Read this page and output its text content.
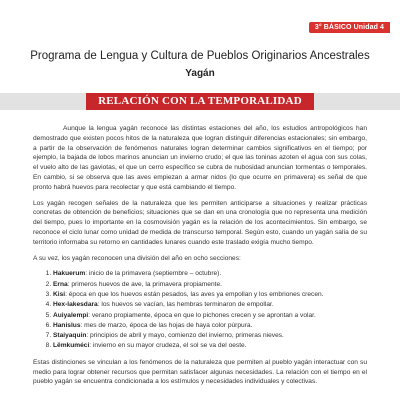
3° BÁSICO Unidad 4
Programa de Lengua y Cultura de Pueblos Originarios Ancestrales
Yagán
RELACIÓN CON LA TEMPORALIDAD

Aunque la lengua yagán reconoce las distintas estaciones del año, los estudios antropológicos han demostrado que existen pocos hitos de la naturaleza que logran distinguir diferencias estacionales; sin embargo, a partir de la observación de fenómenos naturales logran determinar cambios significativos en el tiempo; por ejemplo, la bajada de lobos marinos anuncian un invierno crudo; el que las toninas azoten el agua con sus colas, el vuelo alto de las gaviotas, el que un cerro específico se cubra de nubosidad anuncian tormentas o temporales. En cambio, si se observa que las aves empiezan a armar nidos (lo que ocurre en primavera) es señal de que pronto habrá huevos para recolectar y que está cambiando el tiempo.

Los yagán recogen señales de la naturaleza que les permiten anticiparse a situaciones y realizar prácticas concretas de obtención de beneficios; situaciones que se dan en una cronología que no representa una medición del tiempo, pues lo importante en la cosmovisión yagán es la relación de los acontecimientos. Sin embargo, se reconoce el ciclo lunar como unidad de medida de transcurso temporal. Según esto, cuando un yagán salía de su territorio informaba su retorno en cantidades lunares cuando este traslado exigía mucho tiempo.

A su vez, los yagán reconocen una división del año en ocho secciones:

1. Hakuerum: inicio de la primavera (septiembre – octubre).
2. Erna: primeros huevos de ave, la primavera propiamente.
3. Kisi: época en que los huevos están pesados, las aves ya empollan y los embriones crecen.
4. Hex-lakesdara: los huevos se vacían, las hembras terminaron de empollar.
5. Auiyalempi: verano propiamente, época en que lo pichones crecen y se aprontan a volar.
6. Hanislus: mes de marzo, época de las hojas de haya color púrpura.
7. Staiyaquin: principios de abril y mayo, comienzo del invierno, primeras nieves.
8. Lëmkuméci: invierno en su mayor crudeza, el sol se va del oeste.

Estas distinciones se vinculan a los fenómenos de la naturaleza que permiten al pueblo yagán interactuar con su medio para lograr obtener recursos que permitan satisfacer algunas necesidades. La relación con el tiempo en el pueblo yagán se encuentra condicionada a los estímulos y necesidades individuales y colectivas.
